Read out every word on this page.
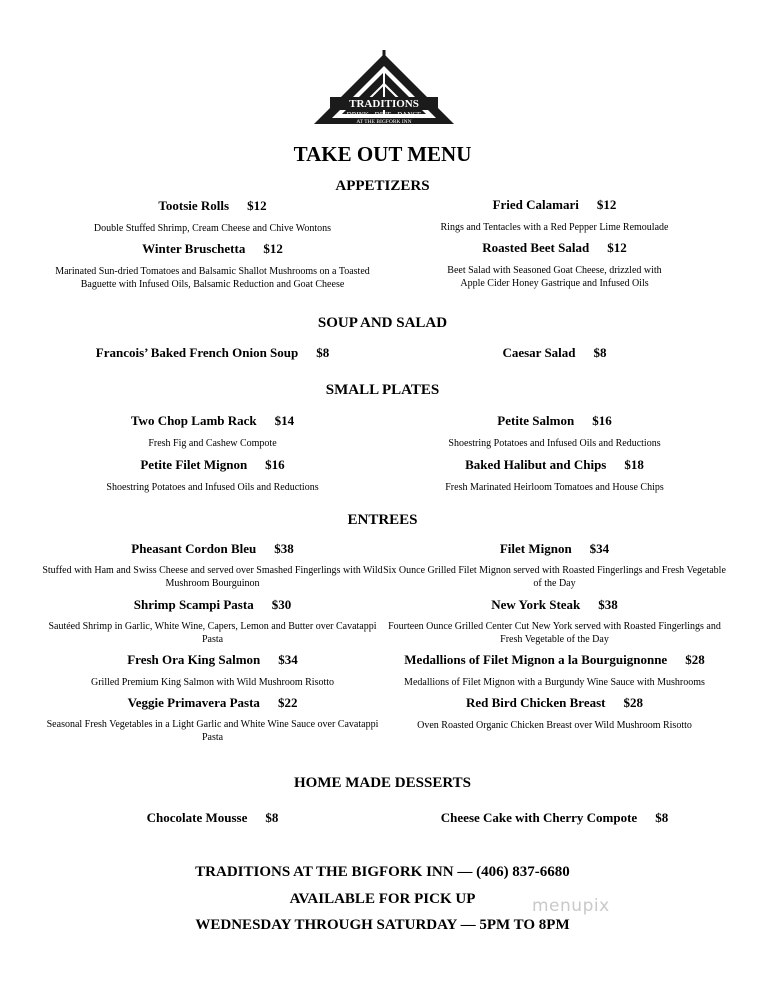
TRADITIONS
DRINK · DINE · DANCE
AT THE BIGFORK INN
TAKE OUT MENU
APPETIZERS
Tootsie Rolls $12
Double Stuffed Shrimp, Cream Cheese and Chive Wontons
Fried Calamari $12
Rings and Tentacles with a Red Pepper Lime Remoulade
Winter Bruschetta $12
Marinated Sun-dried Tomatoes and Balsamic Shallot Mushrooms on a Toasted Baguette with Infused Oils, Balsamic Reduction and Goat Cheese
Roasted Beet Salad $12
Beet Salad with Seasoned Goat Cheese, drizzled with Apple Cider Honey Gastrique and Infused Oils
SOUP AND SALAD
Francois’ Baked French Onion Soup $8	Caesar Salad $8
SMALL PLATES
Two Chop Lamb Rack $14
Fresh Fig and Cashew Compote
Petite Salmon $16
Shoestring Potatoes and Infused Oils and Reductions
Petite Filet Mignon $16
Shoestring Potatoes and Infused Oils and Reductions
Baked Halibut and Chips $18
Fresh Marinated Heirloom Tomatoes and House Chips
ENTREES
Pheasant Cordon Bleu $38
Stuffed with Ham and Swiss Cheese and served over Smashed Fingerlings with Wild Mushroom Bourguinon
Filet Mignon $34
Six Ounce Grilled Filet Mignon served with Roasted Fingerlings and Fresh Vegetable of the Day
Shrimp Scampi Pasta $30
Sautéed Shrimp in Garlic, White Wine, Capers, Lemon and Butter over Cavatappi Pasta
New York Steak $38
Fourteen Ounce Grilled Center Cut New York served with Roasted Fingerlings and Fresh Vegetable of the Day
Fresh Ora King Salmon $34
Grilled Premium King Salmon with Wild Mushroom Risotto
Medallions of Filet Mignon a la Bourguignonne $28
Medallions of Filet Mignon with a Burgundy Wine Sauce with Mushrooms
Veggie Primavera Pasta $22
Seasonal Fresh Vegetables in a Light Garlic and White Wine Sauce over Cavatappi Pasta
Red Bird Chicken Breast $28
Oven Roasted Organic Chicken Breast over Wild Mushroom Risotto
HOME MADE DESSERTS
Chocolate Mousse $8	Cheese Cake with Cherry Compote $8
TRADITIONS AT THE BIGFORK INN — (406) 837-6680
AVAILABLE FOR PICK UP
WEDNESDAY THROUGH SATURDAY — 5PM TO 8PM
menupix
